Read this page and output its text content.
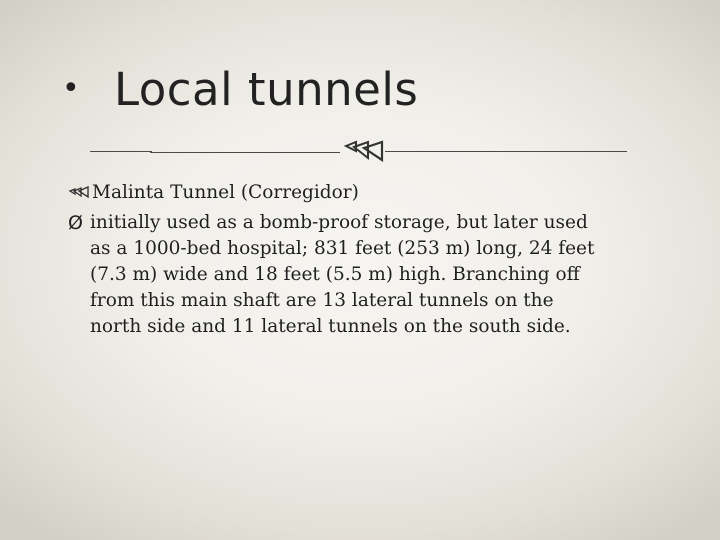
• Local tunnels
Malinta Tunnel (Corregidor)
Ø initially used as a bomb-proof storage, but later used as a 1000-bed hospital; 831 feet (253 m) long, 24 feet (7.3 m) wide and 18 feet (5.5 m) high. Branching off from this main shaft are 13 lateral tunnels on the north side and 11 lateral tunnels on the south side.
